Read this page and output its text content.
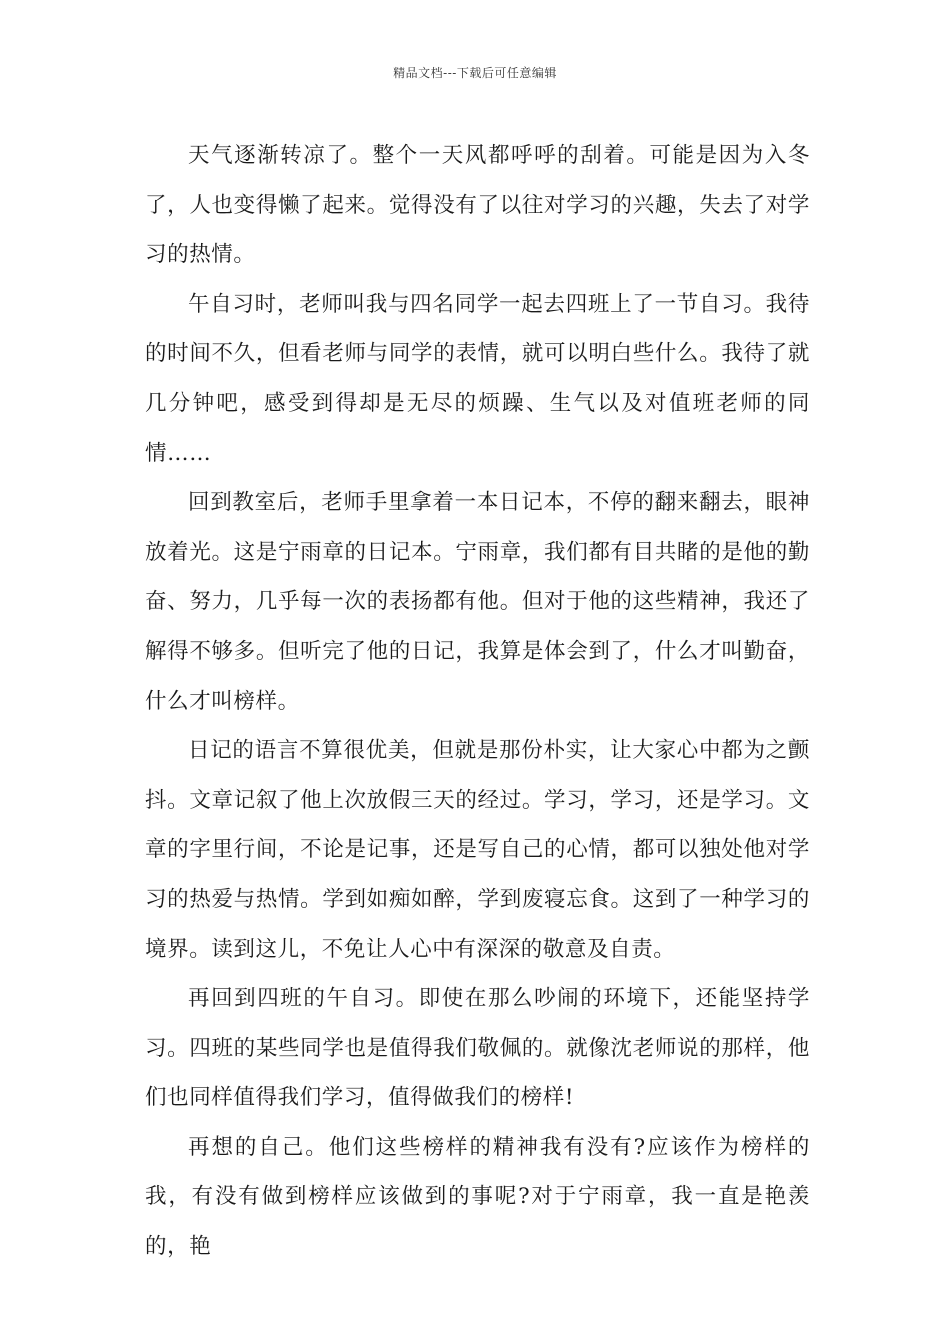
精品文档---下载后可任意编辑

天气逐渐转凉了。整个一天风都呼呼的刮着。可能是因为入冬了，人也变得懒了起来。觉得没有了以往对学习的兴趣，失去了对学习的热情。

午自习时，老师叫我与四名同学一起去四班上了一节自习。我待的时间不久，但看老师与同学的表情，就可以明白些什么。我待了就几分钟吧，感受到得却是无尽的烦躁、生气以及对值班老师的同情……

回到教室后，老师手里拿着一本日记本，不停的翻来翻去，眼神放着光。这是宁雨章的日记本。宁雨章，我们都有目共睹的是他的勤奋、努力，几乎每一次的表扬都有他。但对于他的这些精神，我还了解得不够多。但听完了他的日记，我算是体会到了，什么才叫勤奋，什么才叫榜样。

日记的语言不算很优美，但就是那份朴实，让大家心中都为之颤抖。文章记叙了他上次放假三天的经过。学习，学习，还是学习。文章的字里行间，不论是记事，还是写自己的心情，都可以独处他对学习的热爱与热情。学到如痴如醉，学到废寝忘食。这到了一种学习的境界。读到这儿，不免让人心中有深深的敬意及自责。

再回到四班的午自习。即使在那么吵闹的环境下，还能坚持学习。四班的某些同学也是值得我们敬佩的。就像沈老师说的那样，他们也同样值得我们学习，值得做我们的榜样!

再想的自己。他们这些榜样的精神我有没有?应该作为榜样的我，有没有做到榜样应该做到的事呢?对于宁雨章，我一直是艳羡的，艳
